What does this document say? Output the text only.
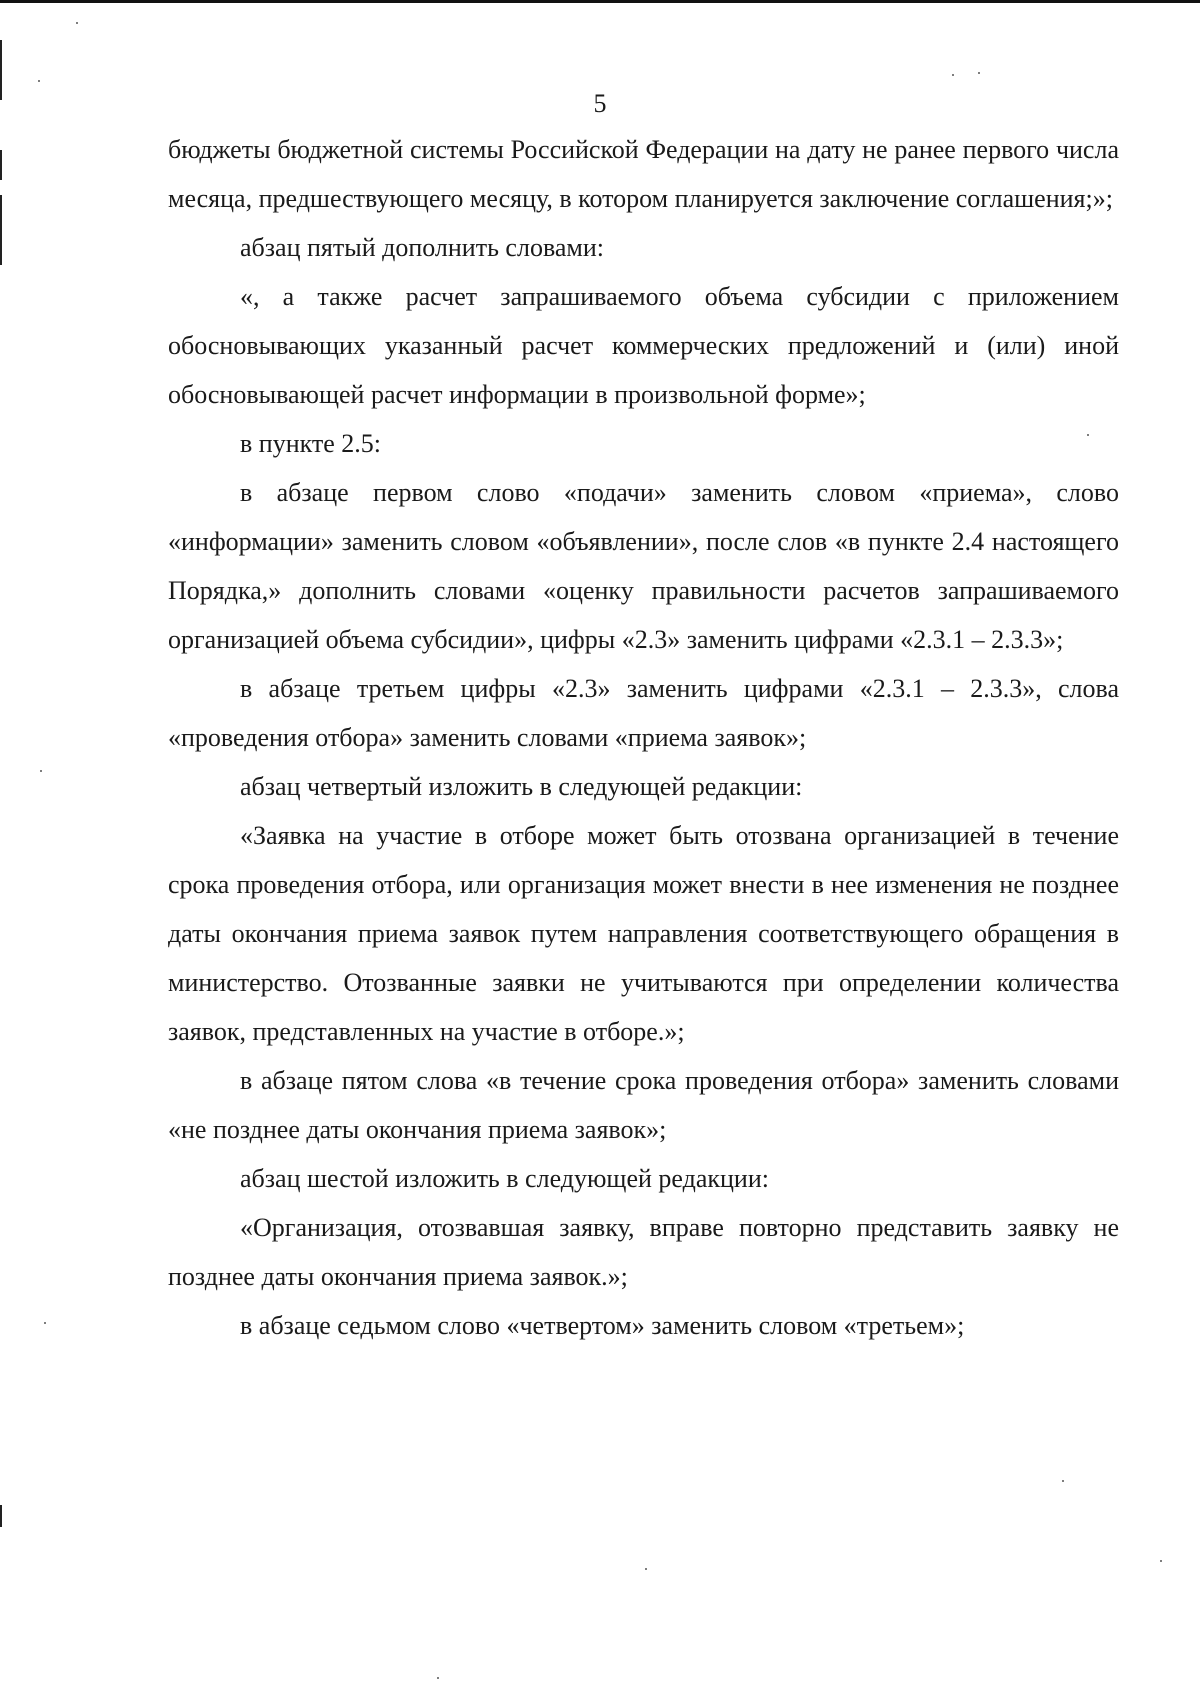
5

бюджеты бюджетной системы Российской Федерации на дату не ранее первого числа месяца, предшествующего месяцу, в котором планируется заключение соглашения;»;

абзац пятый дополнить словами:

«, а также расчет запрашиваемого объема субсидии с приложением обосновывающих указанный расчет коммерческих предложений и (или) иной обосновывающей расчет информации в произвольной форме»;

в пункте 2.5:

в абзаце первом слово «подачи» заменить словом «приема», слово «информации» заменить словом «объявлении», после слов «в пункте 2.4 настоящего Порядка,» дополнить словами «оценку правильности расчетов запрашиваемого организацией объема субсидии», цифры «2.3» заменить цифрами «2.3.1 – 2.3.3»;

в абзаце третьем цифры «2.3» заменить цифрами «2.3.1 – 2.3.3», слова «проведения отбора» заменить словами «приема заявок»;

абзац четвертый изложить в следующей редакции:

«Заявка на участие в отборе может быть отозвана организацией в течение срока проведения отбора, или организация может внести в нее изменения не позднее даты окончания приема заявок путем направления соответствующего обращения в министерство. Отозванные заявки не учитываются при определении количества заявок, представленных на участие в отборе.»;

в абзаце пятом слова «в течение срока проведения отбора» заменить словами «не позднее даты окончания приема заявок»;

абзац шестой изложить в следующей редакции:

«Организация, отозвавшая заявку, вправе повторно представить заявку не позднее даты окончания приема заявок.»;

в абзаце седьмом слово «четвертом» заменить словом «третьем»;
